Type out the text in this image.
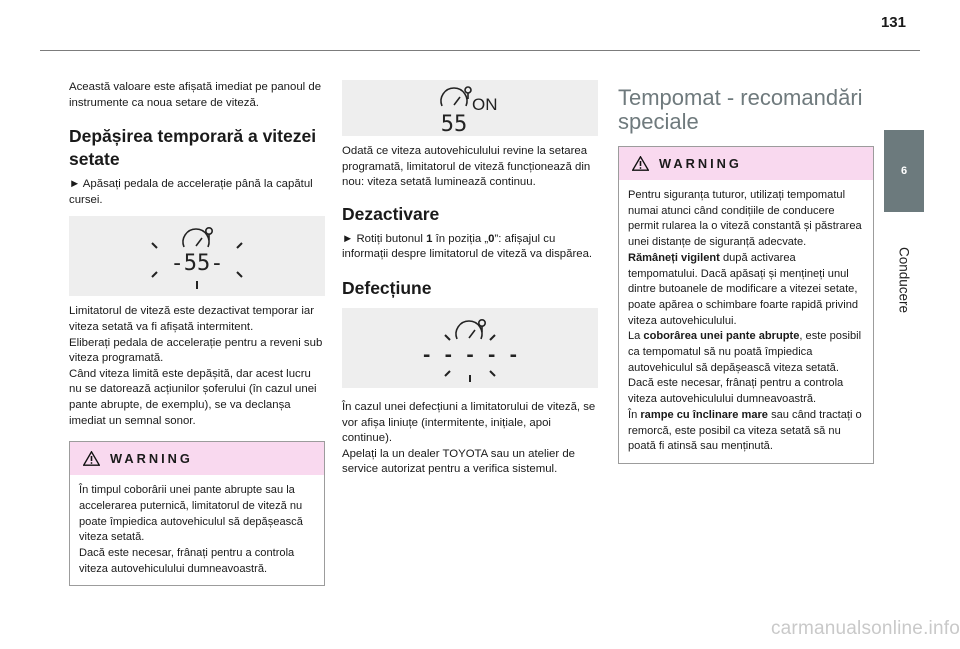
131

Această valoare este afișată imediat pe panoul de instrumente ca noua setare de viteză.

Depășirea temporară a vitezei setate

► Apăsați pedala de accelerație până la capătul cursei.

-55-

Limitatorul de viteză este dezactivat temporar iar viteza setată va fi afișată intermitent.
Eliberați pedala de accelerație pentru a reveni sub viteza programată.
Când viteza limită este depășită, dar acest lucru nu se datorează acțiunilor șoferului (în cazul unei pante abrupte, de exemplu), se va declanșa imediat un semnal sonor.

WARNING

În timpul coborârii unei pante abrupte sau la accelerarea puternică, limitatorul de viteză nu poate împiedica autovehiculul să depășească viteza setată.
Dacă este necesar, frânați pentru a controla viteza autovehiculului dumneavoastră.

ON
55

Odată ce viteza autovehiculului revine la setarea programată, limitatorul de viteză funcționează din nou: viteza setată luminează continuu.

Dezactivare

► Rotiți butonul 1 în poziția „0”: afișajul cu informații despre limitatorul de viteză va dispărea.

Defecțiune
- - - - -

În cazul unei defecțiuni a limitatorului de viteză, se vor afișa liniuțe (intermitente, inițiale, apoi continue).
Apelați la un dealer TOYOTA sau un atelier de service autorizat pentru a verifica sistemul.

Tempomat - recomandări speciale
WARNING

Pentru siguranța tuturor, utilizați tempomatul numai atunci când condițiile de conducere permit rularea la o viteză constantă și păstrarea unei distanțe de siguranță adecvate.

Rămâneți vigilent după activarea tempomatului. Dacă apăsați și mențineți unul dintre butoanele de modificare a vitezei setate, poate apărea o schimbare foarte rapidă privind viteza autovehiculului.

La coborârea unei pante abrupte, este posibil ca tempomatul să nu poată împiedica autovehiculul să depășească viteza setată. Dacă este necesar, frânați pentru a controla viteza autovehiculului dumneavoastră.

În rampe cu înclinare mare sau când tractați o remorcă, este posibil ca viteza setată să nu poată fi atinsă sau menținută.

6
Conducere
carmanualsonline.info
